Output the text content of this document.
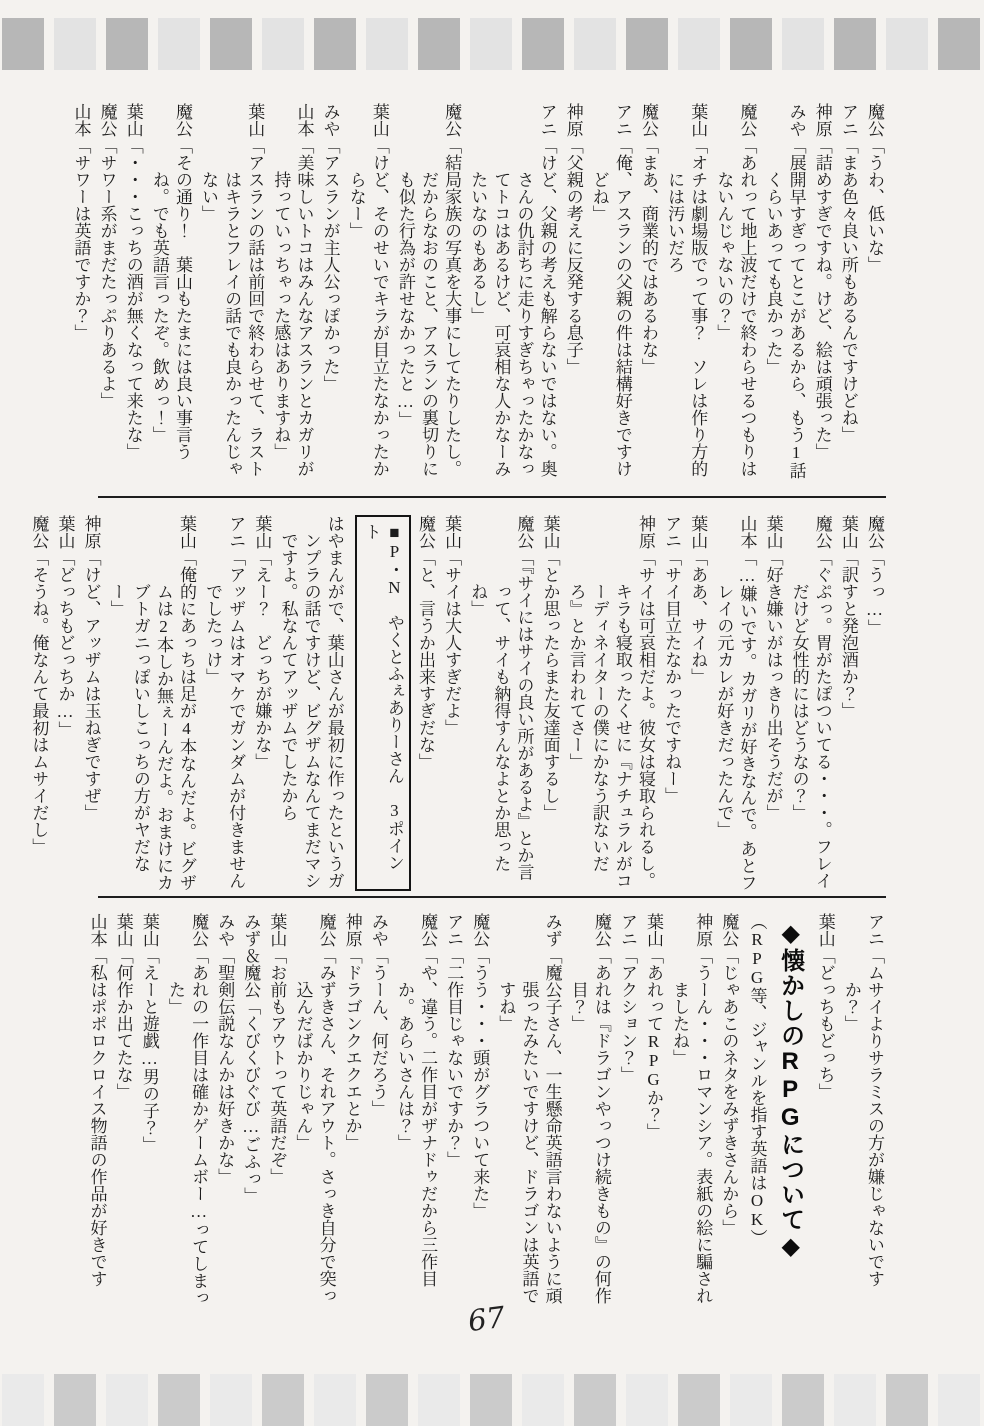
魔公「うわ、低いな」
アニ「まあ色々良い所もあるんですけどね」
神原「詰めすぎですね。けど、絵は頑張った」
みや「展開早すぎってとこがあるから、もう1話くらいあっても良かった」
魔公「あれって地上波だけで終わらせるつもりはないんじゃないの？」
葉山「オチは劇場版でって事？　ソレは作り方的には汚いだろ
魔公「まあ、商業的ではあるわな」
アニ「俺、アスランの父親の件は結構好きですけどね」
神原「父親の考えに反発する息子」
アニ「けど、父親の考えも解らないではない。奥さんの仇討ちに走りすぎちゃったかなってトコはあるけど、可哀相な人かなーみたいなのもあるし」
魔公「結局家族の写真を大事にしてたりしたし。だからなおのこと、アスランの裏切りにも似た行為が許せなかったと…」
葉山「けど、そのせいでキラが目立たなかったからなー」
みや「アスランが主人公っぽかった」
山本「美味しいトコはみんなアスランとカガリが持っていっちゃった感はありますね」
葉山「アスランの話は前回で終わらせて、ラストはキラとフレイの話でも良かったんじゃない」
魔公「その通り！　葉山もたまには良い事言うね。でも英語言ったぞ。飲めっ！」
葉山「・・・こっちの酒が無くなって来たな」
魔公「サワー系がまだたっぷりあるよ」
山本「サワーは英語ですか？」
魔公「うっ…」
葉山「訳すと発泡酒か？」
魔公「ぐぷっ。胃がたぽついてる・・・。フレイだけど女性的にはどうなの？」
葉山「好き嫌いがはっきり出そうだが」
山本「…嫌いです。カガリが好きなんで。あとフレイの元カレが好きだったんで」
葉山「ああ、サイね」
アニ「サイ目立たなかったですねー」
神原「サイは可哀相だよ。彼女は寝取られるし。キラも寝取ったくせに『ナチュラルがコーディネイターの僕にかなう訳ないだろ』とか言われてさー」
葉山「とか思ったらまた友達面するし」
魔公「『サイにはサイの良い所があるよ』とか言って、サイも納得すんなよとか思ったね」
葉山「サイは大人すぎだよ」
魔公「と、言うか出来すぎだな」
■P・N　やくとふぇありーさん　3ポイント
はやまんがで、葉山さんが最初に作ったというガンプラの話ですけど、ビグザムなんてまだマシですよ。私なんてアッザムでしたから
葉山「えー？　どっちが嫌かな」
アニ「アッザムはオマケでガンダムが付きませんでしたっけ」
葉山「俺的にあっちは足が4本なんだよ。ビグザムは2本しか無ぇーんだよ。おまけにカブトガニっぽいしこっちの方がヤだなー」
神原「けど、アッザムは玉ねぎですぜ」
葉山「どっちもどっちか…」
魔公「そうね。俺なんて最初はムサイだし」
アニ「ムサイよりサラミスの方が嫌じゃないですか？」
葉山「どっちもどっち」
◆懐かしのRPGについて◆
（RPG等、ジャンルを指す英語はOK）
魔公「じゃあこのネタをみずきさんから」
神原「うーん・・・ロマンシア。表紙の絵に騙されましたね」
葉山「あれってRPGか？」
アニ「アクション？」
魔公「あれは『ドラゴンやっつけ続きもの』の何作目？」
みず「魔公子さん、一生懸命英語言わないように頑張ったみたいですけど、ドラゴンは英語ですね」
魔公「うう・・・頭がグラついて来た」
アニ「二作目じゃないですか？」
魔公「や、違う。二作目がザナドゥだから三作目か。あらいさんは？」
みや「うーん、何だろう」
神原「ドラゴンクエクエとか」
魔公「みずきさん、それアウト。さっき自分で突っ込んだばかりじゃん」
葉山「お前もアウトって英語だぞ」
みず＆魔公「くびくびぐび…ごふっ」
みや「聖剣伝説なんかは好きかな」
魔公「あれの一作目は確かゲームボー…ってしまった」
葉山「えーと遊戯…男の子？」
葉山「何作か出てたな」
山本「私はポポロクロイス物語の作品が好きです
67
